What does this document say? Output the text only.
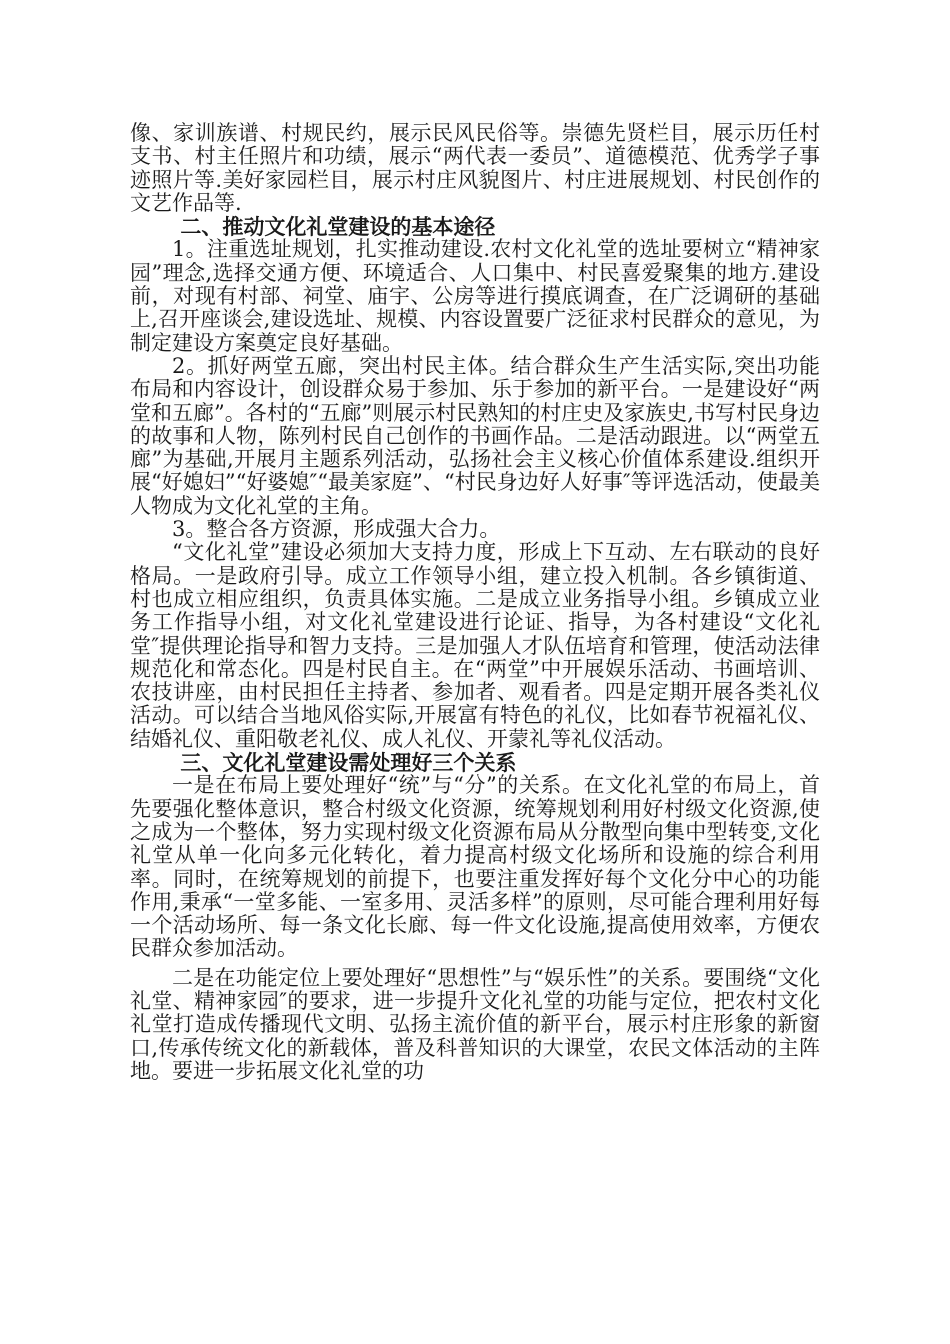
像、家训族谱、村规民约，展示民风民俗等。崇德先贤栏目，展示历任村支书、村主任照片和功绩，展示“两代表一委员”、道德模范、优秀学子事迹照片等.美好家园栏目，展示村庄风貌图片、村庄进展规划、村民创作的文艺作品等.

二、推动文化礼堂建设的基本途径

1。注重选址规划，扎实推动建设.农村文化礼堂的选址要树立“精神家园”理念,选择交通方便、环境适合、人口集中、村民喜爱聚集的地方.建设前，对现有村部、祠堂、庙宇、公房等进行摸底调查，在广泛调研的基础上,召开座谈会,建设选址、规模、内容设置要广泛征求村民群众的意见，为制定建设方案奠定良好基础。

2。抓好两堂五廊，突出村民主体。结合群众生产生活实际,突出功能布局和内容设计，创设群众易于参加、乐于参加的新平台。一是建设好“两堂和五廊”。各村的“五廊”则展示村民熟知的村庄史及家族史,书写村民身边的故事和人物，陈列村民自己创作的书画作品。二是活动跟进。以“两堂五廊”为基础,开展月主题系列活动，弘扬社会主义核心价值体系建设.组织开展“好媳妇”“好婆媳″“最美家庭”、“村民身边好人好事″等评选活动，使最美人物成为文化礼堂的主角。

3。整合各方资源，形成强大合力。

“文化礼堂”建设必须加大支持力度，形成上下互动、左右联动的良好格局。一是政府引导。成立工作领导小组，建立投入机制。各乡镇街道、村也成立相应组织，负责具体实施。二是成立业务指导小组。乡镇成立业务工作指导小组，对文化礼堂建设进行论证、指导，为各村建设“文化礼堂″提供理论指导和智力支持。三是加强人才队伍培育和管理，使活动法律规范化和常态化。四是村民自主。在“两堂”中开展娱乐活动、书画培训、农技讲座，由村民担任主持者、参加者、观看者。四是定期开展各类礼仪活动。可以结合当地风俗实际,开展富有特色的礼仪，比如春节祝福礼仪、结婚礼仪、重阳敬老礼仪、成人礼仪、开蒙礼等礼仪活动。

三、文化礼堂建设需处理好三个关系

一是在布局上要处理好“统”与“分”的关系。在文化礼堂的布局上，首先要强化整体意识，整合村级文化资源，统筹规划利用好村级文化资源,使之成为一个整体，努力实现村级文化资源布局从分散型向集中型转变,文化礼堂从单一化向多元化转化，着力提高村级文化场所和设施的综合利用率。同时，在统筹规划的前提下，也要注重发挥好每个文化分中心的功能作用,秉承“一堂多能、一室多用、灵活多样”的原则，尽可能合理利用好每一个活动场所、每一条文化长廊、每一件文化设施,提高使用效率，方便农民群众参加活动。

二是在功能定位上要处理好“思想性”与“娱乐性”的关系。要围绕“文化礼堂、精神家园″的要求，进一步提升文化礼堂的功能与定位，把农村文化礼堂打造成传播现代文明、弘扬主流价值的新平台，展示村庄形象的新窗口,传承传统文化的新载体，普及科普知识的大课堂，农民文体活动的主阵地。要进一步拓展文化礼堂的功
